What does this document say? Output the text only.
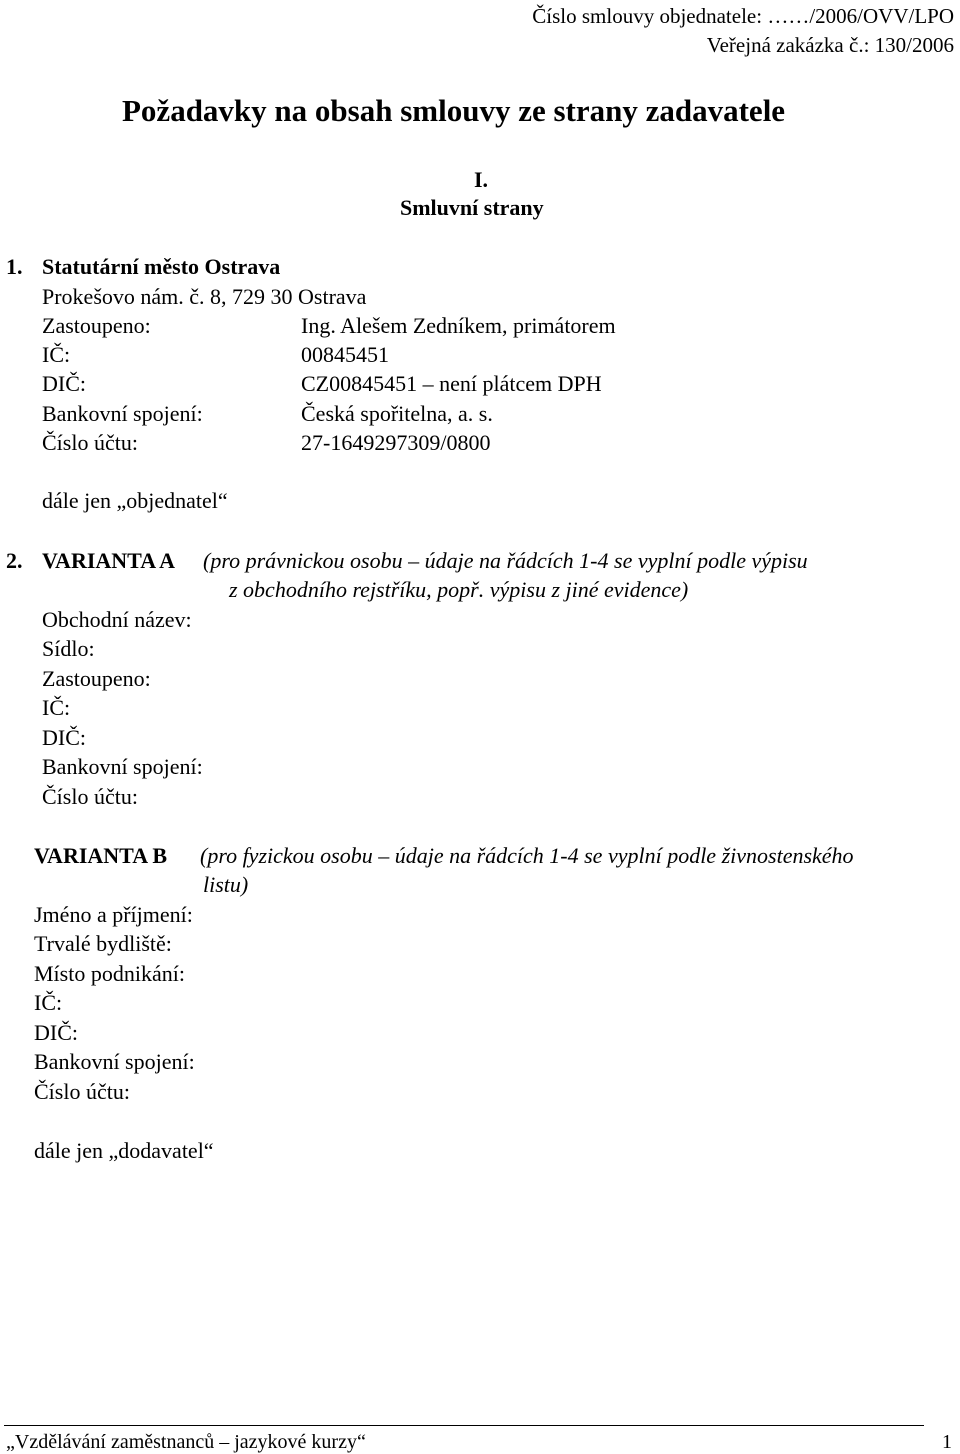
Číslo smlouvy objednatele: ……/2006/OVV/LPO
Veřejná zakázka č.: 130/2006
Požadavky na obsah smlouvy ze strany zadavatele
I.
Smluvní strany
1. Statutární město Ostrava
Prokešovo nám. č. 8, 729 30 Ostrava
Zastoupeno:	Ing. Alešem Zedníkem, primátorem
IČ:	00845451
DIČ:	CZ00845451 – není plátcem DPH
Bankovní spojení:	Česká spořitelna, a. s.
Číslo účtu:	27-1649297309/0800
dále jen „objednatel“
2. VARIANTA A (pro právnickou osobu – údaje na řádcích 1-4 se vyplní podle výpisu
z obchodního rejstříku, popř. výpisu z jiné evidence)
Obchodní název:
Sídlo:
Zastoupeno:
IČ:
DIČ:
Bankovní spojení:
Číslo účtu:
VARIANTA B (pro fyzickou osobu – údaje na řádcích 1-4 se vyplní podle živnostenského
listu)
Jméno a příjmení:
Trvalé bydliště:
Místo podnikání:
IČ:
DIČ:
Bankovní spojení:
Číslo účtu:
dále jen „dodavatel“
„Vzdělávání zaměstnanců – jazykové kurzy“	1
